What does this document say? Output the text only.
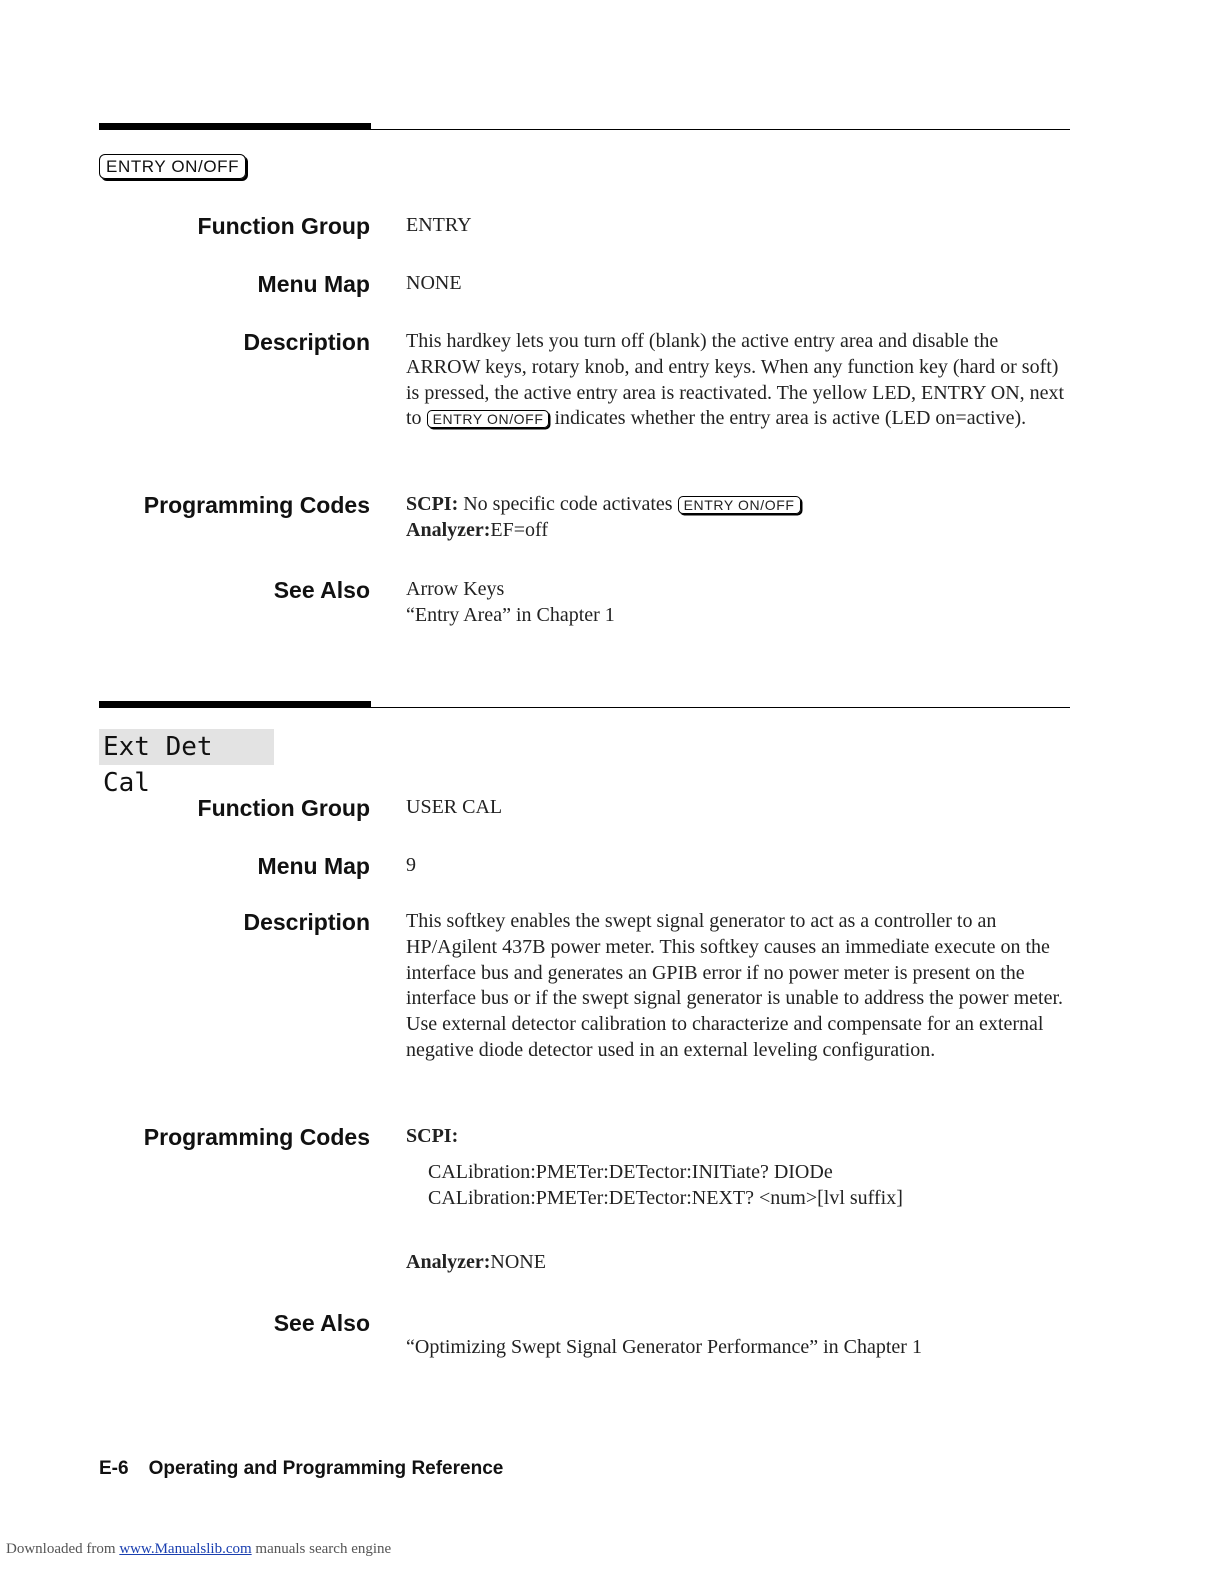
ENTRY ON/OFF
Function Group ENTRY
Menu Map NONE
Description This hardkey lets you turn off (blank) the active entry area and disable the ARROW keys, rotary knob, and entry keys. When any function key (hard or soft) is pressed, the active entry area is reactivated. The yellow LED, ENTRY ON, next to ENTRY ON/OFF indicates whether the entry area is active (LED on=active).
Programming Codes SCPI: No specific code activates ENTRY ON/OFF
Analyzer:EF=off
See Also Arrow Keys
“Entry Area” in Chapter 1
Ext Det Cal
Function Group USER CAL
Menu Map 9
Description This softkey enables the swept signal generator to act as a controller to an HP/Agilent 437B power meter. This softkey causes an immediate execute on the interface bus and generates an GPIB error if no power meter is present on the interface bus or if the swept signal generator is unable to address the power meter. Use external detector calibration to characterize and compensate for an external negative diode detector used in an external leveling configuration.
Programming Codes SCPI:
CALibration:PMETer:DETector:INITiate? DIODe
CALibration:PMETer:DETector:NEXT? <num>[lvl suffix]
Analyzer:NONE
See Also
“Optimizing Swept Signal Generator Performance” in Chapter 1
E-6 Operating and Programming Reference
Downloaded from www.Manualslib.com manuals search engine
